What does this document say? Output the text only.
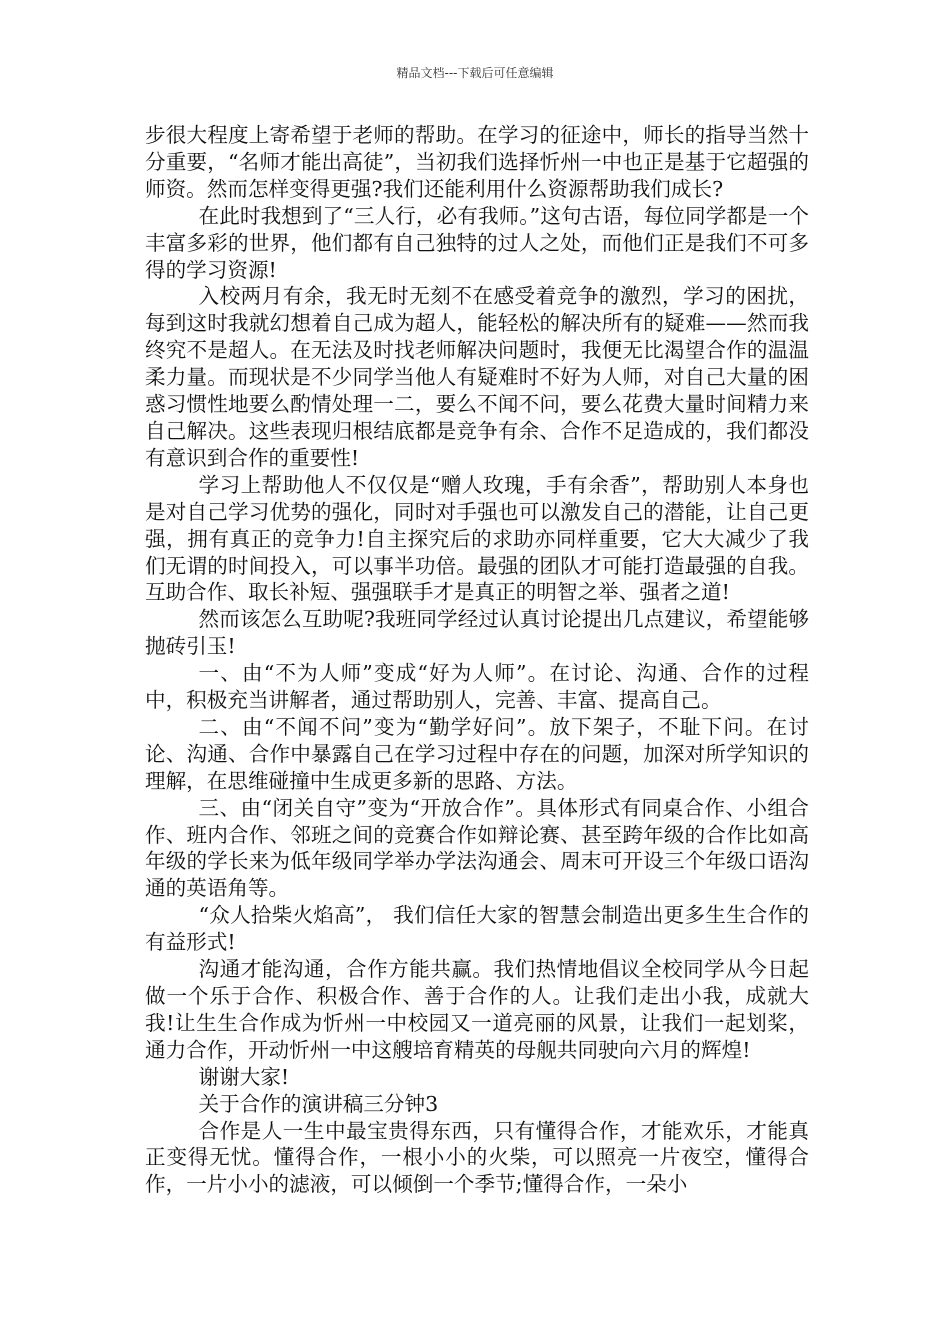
精品文档---下载后可任意编辑

步很大程度上寄希望于老师的帮助。在学习的征途中，师长的指导当然十分重要，“名师才能出高徒”，当初我们选择忻州一中也正是基于它超强的师资。然而怎样变得更强?我们还能利用什么资源帮助我们成长?

在此时我想到了“三人行，必有我师。”这句古语，每位同学都是一个丰富多彩的世界，他们都有自己独特的过人之处，而他们正是我们不可多得的学习资源!

入校两月有余，我无时无刻不在感受着竞争的激烈，学习的困扰，每到这时我就幻想着自己成为超人，能轻松的解决所有的疑难——然而我终究不是超人。在无法及时找老师解决问题时，我便无比渴望合作的温温柔力量。而现状是不少同学当他人有疑难时不好为人师，对自己大量的困惑习惯性地要么酌情处理一二，要么不闻不问，要么花费大量时间精力来自己解决。这些表现归根结底都是竞争有余、合作不足造成的，我们都没有意识到合作的重要性!

学习上帮助他人不仅仅是“赠人玫瑰，手有余香”，帮助别人本身也是对自己学习优势的强化，同时对手强也可以激发自己的潜能，让自己更强，拥有真正的竞争力!自主探究后的求助亦同样重要，它大大减少了我们无谓的时间投入，可以事半功倍。最强的团队才可能打造最强的自我。互助合作、取长补短、强强联手才是真正的明智之举、强者之道!

然而该怎么互助呢?我班同学经过认真讨论提出几点建议，希望能够抛砖引玉!

一、由“不为人师”变成“好为人师”。在讨论、沟通、合作的过程中，积极充当讲解者，通过帮助别人，完善、丰富、提高自己。

二、由“不闻不问”变为“勤学好问”。放下架子，不耻下问。在讨论、沟通、合作中暴露自己在学习过程中存在的问题，加深对所学知识的理解，在思维碰撞中生成更多新的思路、方法。

三、由“闭关自守”变为“开放合作”。具体形式有同桌合作、小组合作、班内合作、邻班之间的竞赛合作如辩论赛、甚至跨年级的合作比如高年级的学长来为低年级同学举办学法沟通会、周末可开设三个年级口语沟通的英语角等。

“众人拾柴火焰高”， 我们信任大家的智慧会制造出更多生生合作的有益形式!

沟通才能沟通，合作方能共赢。我们热情地倡议全校同学从今日起做一个乐于合作、积极合作、善于合作的人。让我们走出小我，成就大我!让生生合作成为忻州一中校园又一道亮丽的风景，让我们一起划桨，通力合作，开动忻州一中这艘培育精英的母舰共同驶向六月的辉煌!

谢谢大家!

关于合作的演讲稿三分钟3

合作是人一生中最宝贵得东西，只有懂得合作，才能欢乐，才能真正变得无忧。懂得合作，一根小小的火柴，可以照亮一片夜空，懂得合作，一片小小的滤液，可以倾倒一个季节;懂得合作，一朵小
